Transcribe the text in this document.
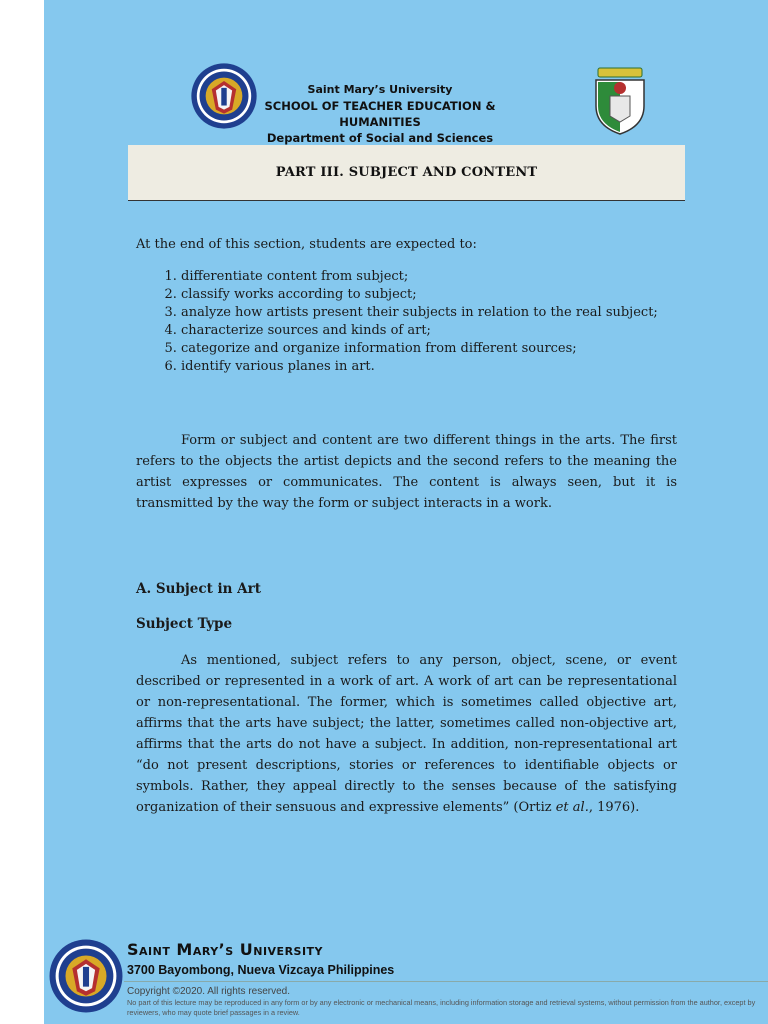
Saint Mary’s University
SCHOOL OF TEACHER EDUCATION & HUMANITIES
Department of Social and Sciences
PART III. SUBJECT AND CONTENT
At the end of this section, students are expected to:
1. differentiate content from subject;
2. classify works according to subject;
3. analyze how artists present their subjects in relation to the real subject;
4. characterize sources and kinds of art;
5. categorize and organize information from different sources;
6. identify various planes in art.
Form or subject and content are two different things in the arts. The first refers to the objects the artist depicts and the second refers to the meaning the artist expresses or communicates. The content is always seen, but it is transmitted by the way the form or subject interacts in a work.
A. Subject in Art
Subject Type
As mentioned, subject refers to any person, object, scene, or event described or represented in a work of art. A work of art can be representational or non-representational. The former, which is sometimes called objective art, affirms that the arts have subject; the latter, sometimes called non-objective art, affirms that the arts do not have a subject. In addition, non-representational art “do not present descriptions, stories or references to identifiable objects or symbols. Rather, they appeal directly to the senses because of the satisfying organization of their sensuous and expressive elements” (Ortiz et al., 1976).
Saint Mary’s University
3700 Bayombong, Nueva Vizcaya Philippines
Copyright ©2020. All rights reserved.
No part of this lecture may be reproduced in any form or by any electronic or mechanical means, including information storage and retrieval systems, without permission from the author, except by reviewers, who may quote brief passages in a review.
